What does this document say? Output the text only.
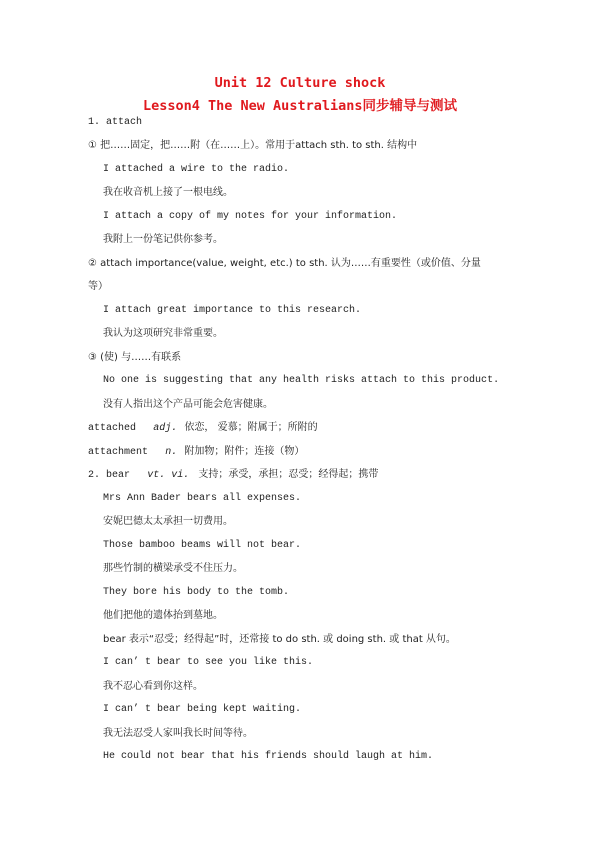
Unit 12 Culture shock
Lesson4 The New Australians同步辅导与测试
1. attach
① 把……固定，把……附（在……上）。常用于attach sth. to sth. 结构中
I attached a wire to the radio.
我在收音机上接了一根电线。
I attach a copy of my notes for your information.
我附上一份笔记供你参考。
② attach importance(value, weight, etc.) to sth. 认为……有重要性（或价值、分量
等）
I attach great importance to this research.
我认为这项研究非常重要。
③ (使) 与……有联系
No one is suggesting that any health risks attach to this product.
没有人指出这个产品可能会危害健康。
attached adj. 依恋， 爱慕；附属于；所附的
attachment n. 附加物；附件；连接（物）
2. bear vt. vi. 支持；承受，承担；忍受；经得起；携带
Mrs Ann Bader bears all expenses.
安妮巴德太太承担一切费用。
Those bamboo beams will not bear.
那些竹制的横梁承受不住压力。
They bore his body to the tomb.
他们把他的遗体抬到墓地。
bear 表示“忍受；经得起”时，还常接 to do sth. 或 doing sth. 或 that 从句。
I can’ t bear to see you like this.
我不忍心看到你这样。
I can’ t bear being kept waiting.
我无法忍受人家叫我长时间等待。
He could not bear that his friends should laugh at him.
